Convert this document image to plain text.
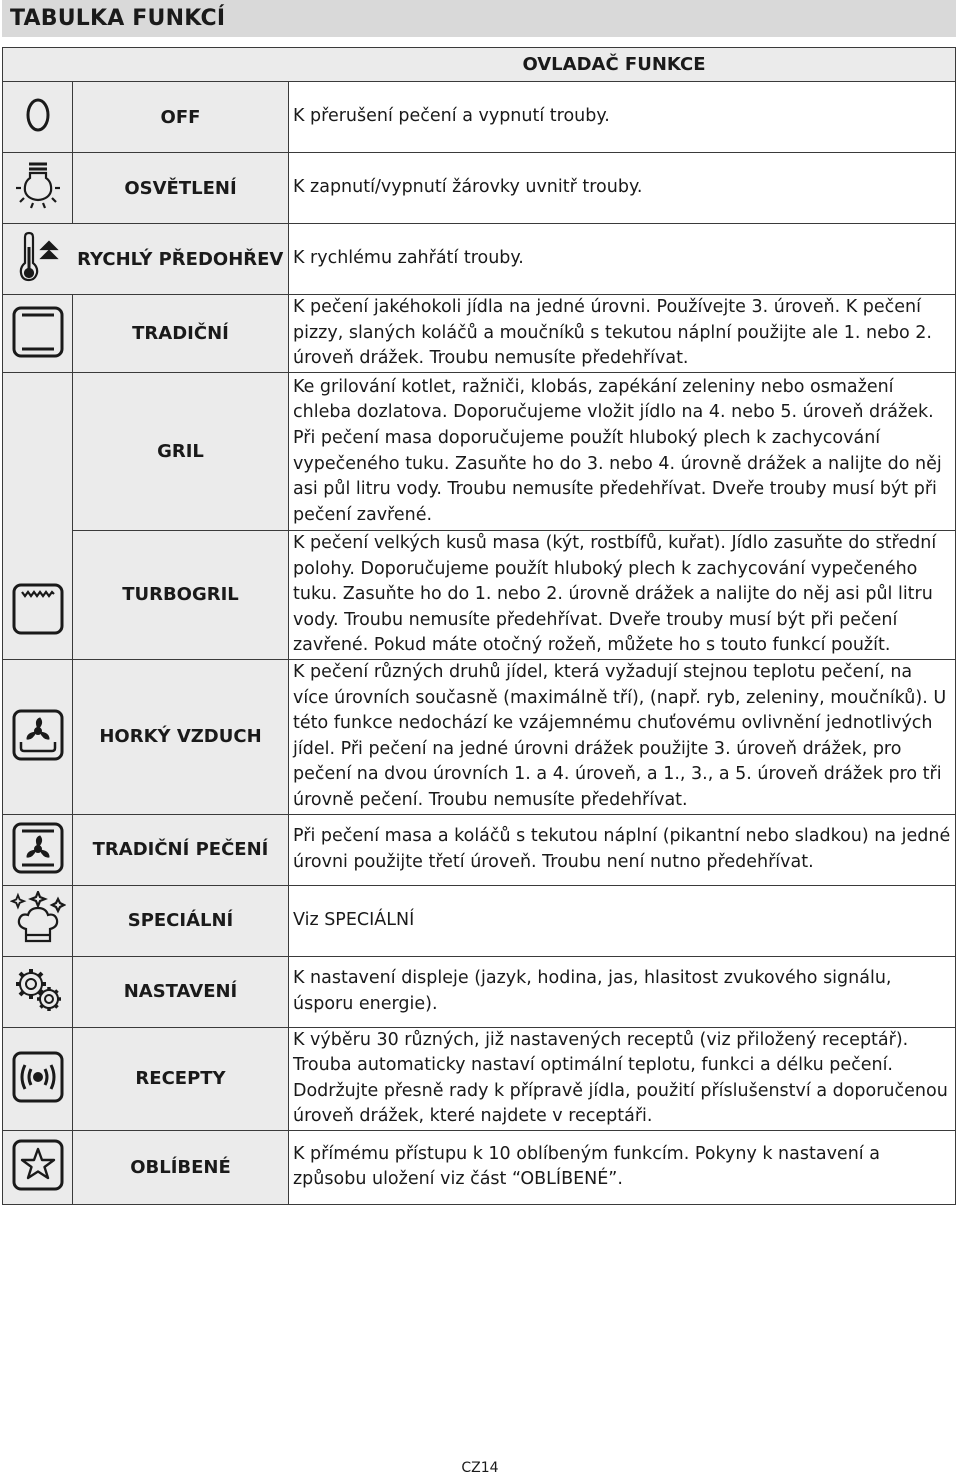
TABULKA FUNKCÍ
OVLADAČ FUNKCE		

	OFF	K přerušení pečení a vypnutí trouby.

	OSVĚTLENÍ	K zapnutí/vypnutí žárovky uvnitř trouby.

	RYCHLÝ PŘEDOHŘEV	K rychlému zahřátí trouby.

	TRADIČNÍ	K pečení jakéhokoli jídla na jedné úrovni. Používejte 3. úroveň. K pečení pizzy, slaných koláčů a moučníků s tekutou náplní použijte ale 1. nebo 2. úroveň drážek. Troubu nemusíte předehřívat.

	GRIL	Ke grilování kotlet, ražniči, klobás, zapékání zeleniny nebo osmažení chleba dozlatova. Doporučujeme vložit jídlo na 4. nebo 5. úroveň drážek. Při pečení masa doporučujeme použít hluboký plech k zachycování vypečeného tuku. Zasuňte ho do 3. nebo 4. úrovně drážek a nalijte do něj asi půl litru vody. Troubu nemusíte předehřívat. Dveře trouby musí být při pečení zavřené.
	TURBOGRIL	K pečení velkých kusů masa (kýt, rostbífů, kuřat). Jídlo zasuňte do střední polohy. Doporučujeme použít hluboký plech k zachycování vypečeného tuku. Zasuňte ho do 1. nebo 2. úrovně drážek a nalijte do něj asi půl litru vody. Troubu nemusíte předehřívat. Dveře trouby musí být při pečení zavřené. Pokud máte otočný rožeň, můžete ho s touto funkcí použít.

	HORKÝ VZDUCH	K pečení různých druhů jídel, která vyžadují stejnou teplotu pečení, na více úrovních současně (maximálně tří), (např. ryb, zeleniny, moučníků). U této funkce nedochází ke vzájemnému chuťovému ovlivnění jednotlivých jídel. Při pečení na jedné úrovni drážek použijte 3. úroveň drážek, pro pečení na dvou úrovních 1. a 4. úroveň, a 1., 3., a 5. úroveň drážek pro tři úrovně pečení. Troubu nemusíte předehřívat.

	TRADIČNÍ PEČENÍ	Při pečení masa a koláčů s tekutou náplní (pikantní nebo sladkou) na jedné úrovni použijte třetí úroveň. Troubu není nutno předehřívat.

	SPECIÁLNÍ	Viz SPECIÁLNÍ

	NASTAVENÍ	K nastavení displeje (jazyk, hodina, jas, hlasitost zvukového signálu, úsporu energie).

	RECEPTY	K výběru 30 různých, již nastavených receptů (viz přiložený receptář). Trouba automaticky nastaví optimální teplotu, funkci a délku pečení. Dodržujte přesně rady k přípravě jídla, použití příslušenství a doporučenou úroveň drážek, které najdete v receptáři.

	OBLÍBENÉ	K přímému přístupu k 10 oblíbeným funkcím. Pokyny k nastavení a způsobu uložení viz část “OBLÍBENÉ”.
CZ14
